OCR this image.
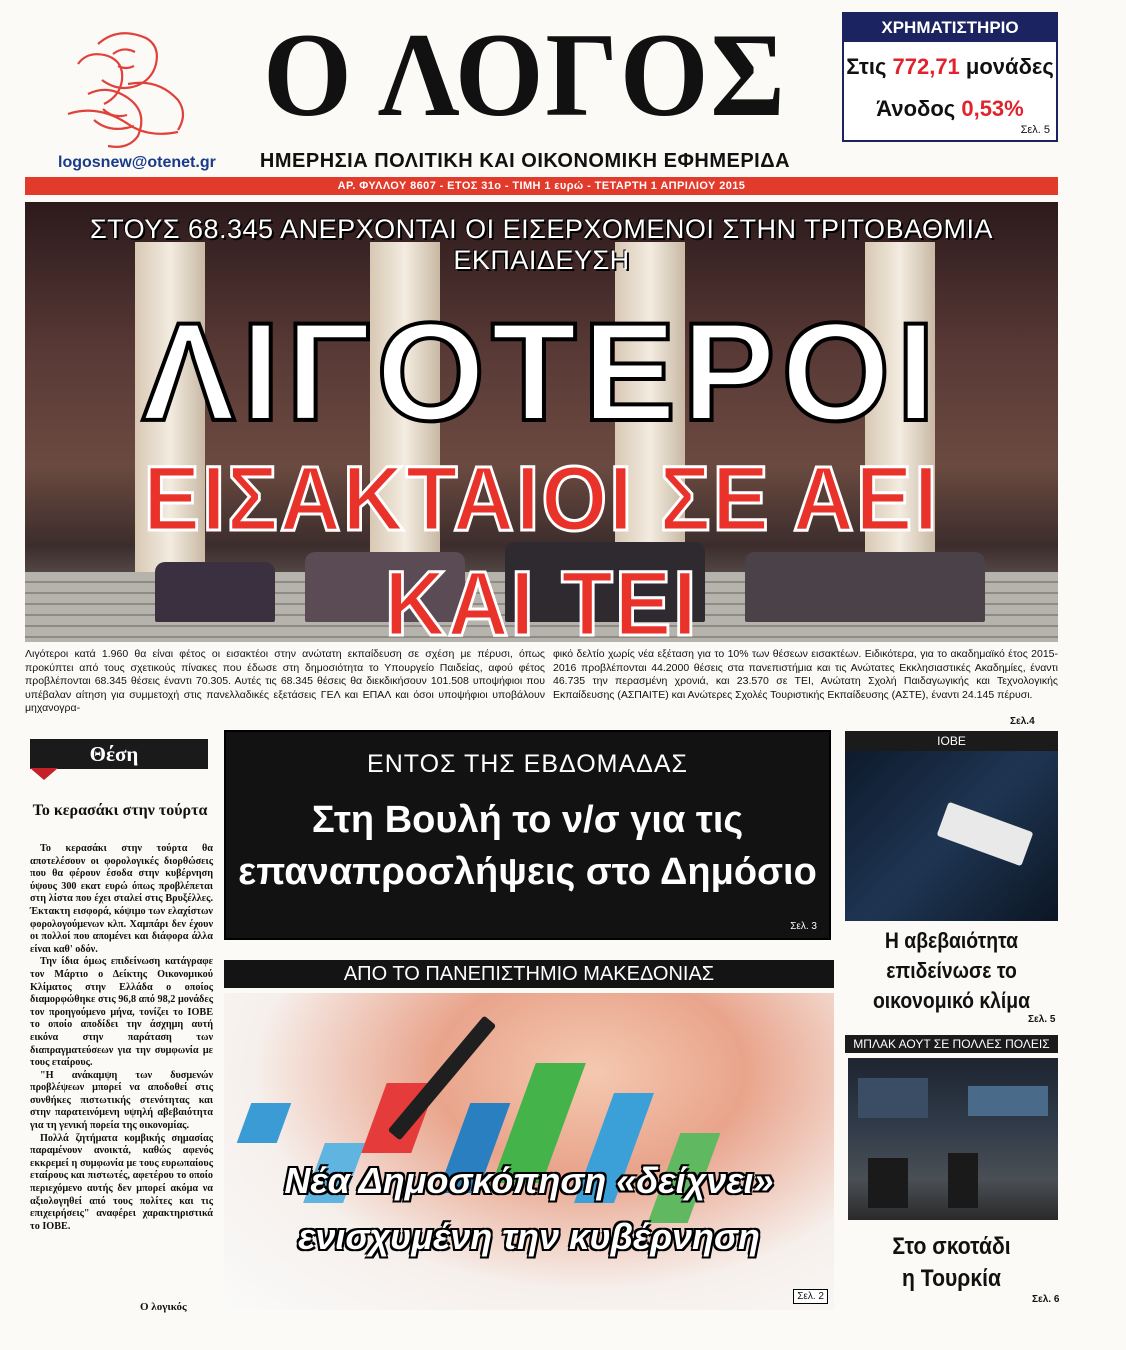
logosnew@otenet.gr
Ο ΛΟΓΟΣ
ΗΜΕΡΗΣΙΑ ΠΟΛΙΤΙΚΗ ΚΑΙ ΟΙΚΟΝΟΜΙΚΗ ΕΦΗΜΕΡΙΔΑ
ΧΡΗΜΑΤΙΣΤΗΡΙΟ
Στις 772,71 μονάδες
Άνοδος 0,53%
Σελ. 5
ΑΡ. ΦΥΛΛΟΥ 8607 - ΕΤΟΣ 31ο - ΤΙΜΗ 1 ευρώ - ΤΕΤΑΡΤΗ 1 ΑΠΡΙΛΙΟΥ 2015
ΣΤΟΥΣ 68.345 ΑΝΕΡΧΟΝΤΑΙ ΟΙ ΕΙΣΕΡΧΟΜΕΝΟΙ ΣΤΗΝ ΤΡΙΤΟΒΑΘΜΙΑ ΕΚΠΑΙΔΕΥΣΗ
ΛΙΓΟΤΕΡΟΙ
ΕΙΣΑΚΤΑΙΟΙ ΣΕ ΑΕΙ ΚΑΙ ΤΕΙ
Λιγότεροι κατά 1.960 θα είναι φέτος οι εισακτέοι στην ανώτατη εκπαίδευση σε σχέση με πέρυσι, όπως προκύπτει από τους σχετικούς πίνακες που έδωσε στη δημοσιότητα το Υπουργείο Παιδείας, αφού φέτος προβλέπονται 68.345 θέσεις έναντι 70.305. Αυτές τις 68.345 θέσεις θα διεκδικήσουν 101.508 υποψήφιοι που υπέβαλαν αίτηση για συμμετοχή στις πανελλαδικές εξετάσεις ΓΕΛ και ΕΠΑΛ και όσοι υποψήφιοι υποβάλουν μηχανογρα-
φικό δελτίο χωρίς νέα εξέταση για το 10% των θέσεων εισακτέων. Ειδικότερα, για το ακαδημαϊκό έτος 2015-2016 προβλέπονται 44.2000 θέσεις στα πανεπιστήμια και τις Ανώτατες Εκκλησιαστικές Ακαδημίες, έναντι 46.735 την περασμένη χρονιά, και 23.570 σε ΤΕΙ, Ανώτατη Σχολή Παιδαγωγικής και Τεχνολογικής Εκπαίδευσης (ΑΣΠΑΙΤΕ) και Ανώτερες Σχολές Τουριστικής Εκπαίδευσης (ΑΣΤΕ), έναντι 24.145 πέρυσι.
Σελ.4
Θέση
Το κερασάκι στην τούρτα

Το κερασάκι στην τούρτα θα αποτελέσουν οι φορολογικές διορθώσεις που θα φέρουν έσοδα στην κυβέρνηση ύψους 300 εκατ ευρώ όπως προβλέπεται στη λίστα που έχει σταλεί στις Βρυξέλλες. Έκτακτη εισφορά, κόψιμο των ελαχίστων φορολογούμενων κλπ. Χαμπάρι δεν έχουν οι πολλοί που απομένει και διάφορα άλλα είναι καθ' οδόν.

Την ίδια όμως επιδείνωση κατάγραφε τον Μάρτιο ο Δείκτης Οικονομικού Κλίματος στην Ελλάδα ο οποίος διαμορφώθηκε στις 96,8 από 98,2 μονάδες τον προηγούμενο μήνα, τονίζει το ΙΟΒΕ το οποίο αποδίδει την άσχημη αυτή εικόνα στην παράταση των διαπραγματεύσεων για την συμφωνία με τους εταίρους.

"Η ανάκαμψη των δυσμενών προβλέψεων μπορεί να αποδοθεί στις συνθήκες πιστωτικής στενότητας και στην παρατεινόμενη υψηλή αβεβαιότητα για τη γενική πορεία της οικονομίας.

Πολλά ζητήματα κομβικής σημασίας παραμένουν ανοικτά, καθώς αφενός εκκρεμεί η συμφωνία με τους ευρωπαίους εταίρους και πιστωτές, αφετέρου το οποίο περιεχόμενο αυτής δεν μπορεί ακόμα να αξιολογηθεί από τους πολίτες και τις επιχειρήσεις" αναφέρει χαρακτηριστικά το ΙΟΒΕ.

Ο λογικός
ΕΝΤΟΣ ΤΗΣ ΕΒΔΟΜΑΔΑΣ
Στη Βουλή το ν/σ για τις
επαναπροσλήψεις στο Δημόσιο
Σελ. 3
ΑΠΟ ΤΟ ΠΑΝΕΠΙΣΤΗΜΙΟ ΜΑΚΕΔΟΝΙΑΣ
Νέα Δημοσκόπηση «δείχνει»
ενισχυμένη την κυβέρνηση
Σελ. 2
ΙΟΒΕ
Η αβεβαιότητα
επιδείνωσε το
οικονομικό κλίμα
Σελ. 5
ΜΠΛΑΚ ΑΟΥΤ ΣΕ ΠΟΛΛΕΣ ΠΟΛΕΙΣ
Στο σκοτάδι
η Τουρκία
Σελ. 6
